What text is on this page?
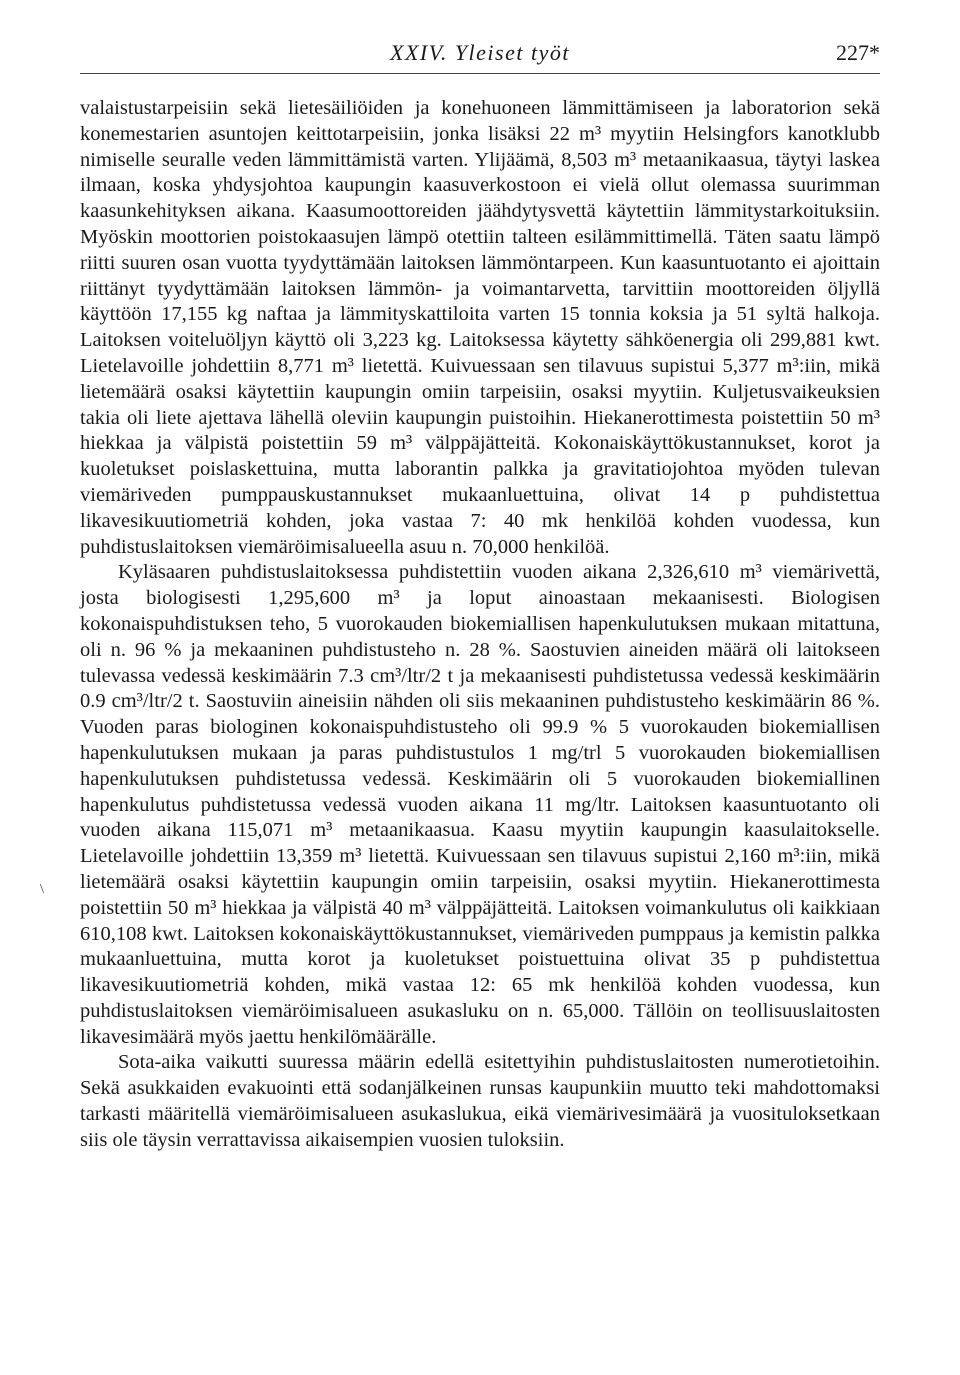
XXIV. Yleiset työt	227*

valaistustarpeisiin sekä lietesäiliöiden ja konehuoneen lämmittämiseen ja laboratorion sekä konemestarien asuntojen keittotarpeisiin, jonka lisäksi 22 m³ myytiin Helsingfors kanotklubb nimiselle seuralle veden lämmittämistä varten. Ylijäämä, 8,503 m³ metaanikaasua, täytyi laskea ilmaan, koska yhdysjohtoa kaupungin kaasuverkostoon ei vielä ollut olemassa suurimman kaasunkehityksen aikana. Kaasumoottoreiden jäähdytysvettä käytettiin lämmitystarkoituksiin. Myöskin moottorien poistokaasujen lämpö otettiin talteen esilämmittimellä. Täten saatu lämpö riitti suuren osan vuotta tyydyttämään laitoksen lämmöntarpeen. Kun kaasuntuotanto ei ajoittain riittänyt tyydyttämään laitoksen lämmön- ja voimantarvetta, tarvittiin moottoreiden öljyllä käyttöön 17,155 kg naftaa ja lämmityskattiloita varten 15 tonnia koksia ja 51 syltä halkoja. Laitoksen voiteluöljyn käyttö oli 3,223 kg. Laitoksessa käytetty sähköenergia oli 299,881 kwt. Lietelavoille johdettiin 8,771 m³ lietettä. Kuivuessaan sen tilavuus supistui 5,377 m³:iin, mikä lietemäärä osaksi käytettiin kaupungin omiin tarpeisiin, osaksi myytiin. Kuljetusvaikeuksien takia oli liete ajettava lähellä oleviin kaupungin puistoihin. Hiekanerottimesta poistettiin 50 m³ hiekkaa ja välpistä poistettiin 59 m³ välppäjätteitä. Kokonaiskäyttökustannukset, korot ja kuoletukset poislaskettuina, mutta laborantin palkka ja gravitatiojohtoa myöden tulevan viemäriveden pumppauskustannukset mukaanluettuina, olivat 14 p puhdistettua likavesikuutiometriä kohden, joka vastaa 7: 40 mk henkilöä kohden vuodessa, kun puhdistuslaitoksen viemäröimisalueella asuu n. 70,000 henkilöä.

Kyläsaaren puhdistuslaitoksessa puhdistettiin vuoden aikana 2,326,610 m³ viemärivettä, josta biologisesti 1,295,600 m³ ja loput ainoastaan mekaanisesti. Biologisen kokonaispuhdistuksen teho, 5 vuorokauden biokemiallisen hapenkulutuksen mukaan mitattuna, oli n. 96 % ja mekaaninen puhdistusteho n. 28 %. Saostuvien aineiden määrä oli laitokseen tulevassa vedessä keskimäärin 7.3 cm³/ltr/2 t ja mekaanisesti puhdistetussa vedessä keskimäärin 0.9 cm³/ltr/2 t. Saostuviin aineisiin nähden oli siis mekaaninen puhdistusteho keskimäärin 86 %. Vuoden paras biologinen kokonaispuhdistusteho oli 99.9 % 5 vuorokauden biokemiallisen hapenkulutuksen mukaan ja paras puhdistustulos 1 mg/trl 5 vuorokauden biokemiallisen hapenkulutuksen puhdistetussa vedessä. Keskimäärin oli 5 vuorokauden biokemiallinen hapenkulutus puhdistetussa vedessä vuoden aikana 11 mg/ltr. Laitoksen kaasuntuotanto oli vuoden aikana 115,071 m³ metaanikaasua. Kaasu myytiin kaupungin kaasulaitokselle. Lietelavoille johdettiin 13,359 m³ lietettä. Kuivuessaan sen tilavuus supistui 2,160 m³:iin, mikä lietemäärä osaksi käytettiin kaupungin omiin tarpeisiin, osaksi myytiin. Hiekanerottimesta poistettiin 50 m³ hiekkaa ja välpistä 40 m³ välppäjätteitä. Laitoksen voimankulutus oli kaikkiaan 610,108 kwt. Laitoksen kokonaiskäyttökustannukset, viemäriveden pumppaus ja kemistin palkka mukaanluettuina, mutta korot ja kuoletukset poistuettuina olivat 35 p puhdistettua likavesikuutiometriä kohden, mikä vastaa 12: 65 mk henkilöä kohden vuodessa, kun puhdistuslaitoksen viemäröimisalueen asukasluku on n. 65,000. Tällöin on teollisuuslaitosten likavesimäärä myös jaettu henkilömäärälle.

Sota-aika vaikutti suuressa määrin edellä esitettyihin puhdistuslaitosten numerotietoihin. Sekä asukkaiden evakuointi että sodanjälkeinen runsas kaupunkiin muutto teki mahdottomaksi tarkasti määritellä viemäröimisalueen asukaslukua, eikä viemärivesimäärä ja vuosituloksetkaan siis ole täysin verrattavissa aikaisempien vuosien tuloksiin.

\
